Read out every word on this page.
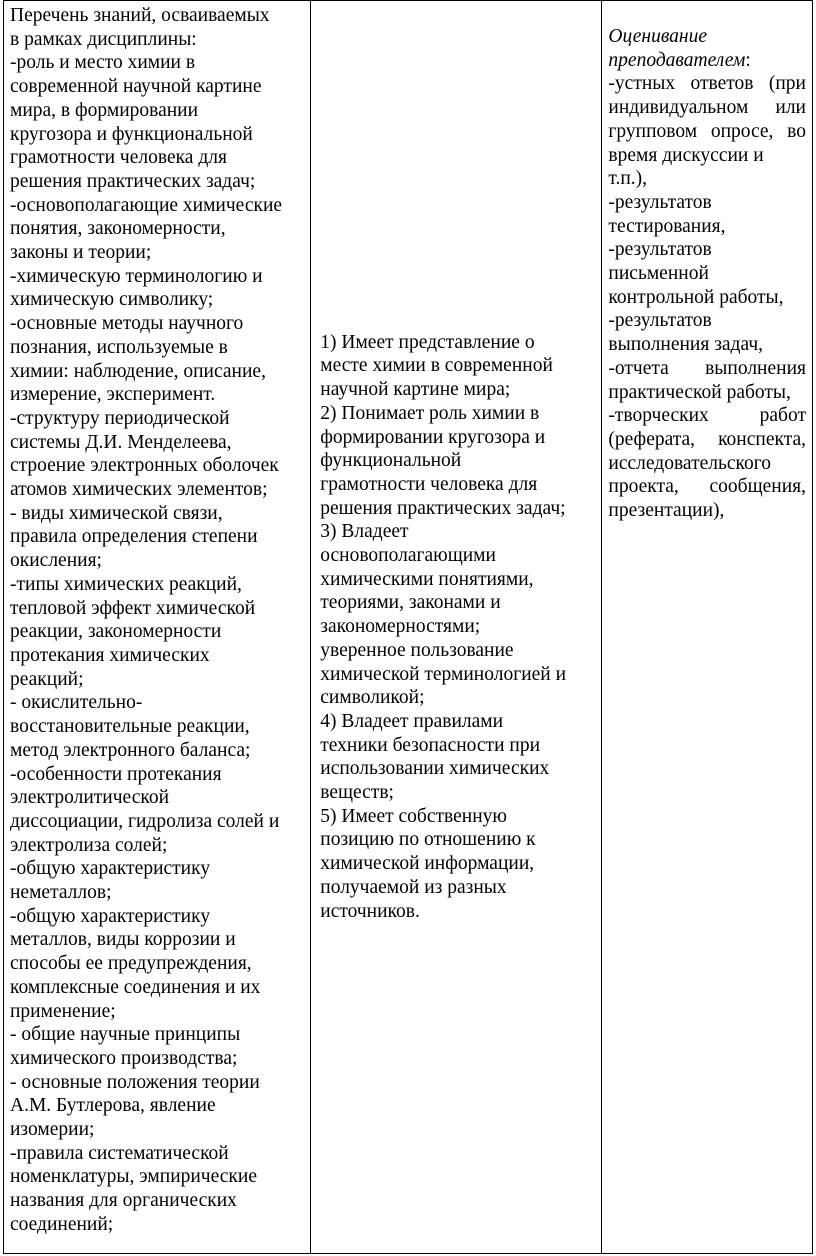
Перечень знаний, осваиваемых
в рамках дисциплины:
-роль и место химии в
современной научной картине
мира, в формировании
кругозора и функциональной
грамотности человека для
решения практических задач;
-основополагающие химические
понятия, закономерности,
законы и теории;
-химическую терминологию и
химическую символику;
-основные методы научного
познания, используемые в
химии: наблюдение, описание,
измерение, эксперимент.
-структуру периодической
системы Д.И. Менделеева,
строение электронных оболочек
атомов химических элементов;
- виды химической связи,
правила определения степени
окисления;
-типы химических реакций,
тепловой эффект химической
реакции, закономерности
протекания химических
реакций;
- окислительно-
восстановительные реакции,
метод электронного баланса;
-особенности протекания
электролитической
диссоциации, гидролиза солей и
электролиза солей;
-общую характеристику
неметаллов;
-общую характеристику
металлов, виды коррозии и
способы ее предупреждения,
комплексные соединения и их
применение;
- общие научные принципы
химического производства;
- основные положения теории
А.М. Бутлерова, явление
изомерии;
-правила систематической
номенклатуры, эмпирические
названия для органических
соединений;

1) Имеет представление о
месте химии в современной
научной картине мира;
2) Понимает роль химии в
формировании кругозора и
функциональной
грамотности человека для
решения практических задач;
3) Владеет
основополагающими
химическими понятиями,
теориями, законами и
закономерностями;
уверенное пользование
химической терминологией и
символикой;
4) Владеет правилами
техники безопасности при
использовании химических
веществ;
5) Имеет собственную
позицию по отношению к
химической информации,
получаемой из разных
источников.

Оценивание
преподавателем:
-устных ответов (при
индивидуальном или
групповом опросе, во
время дискуссии и
т.п.),
-результатов
тестирования,
-результатов
письменной
контрольной работы,
-результатов
выполнения задач,
-отчета выполнения
практической работы,
-творческих работ
(реферата, конспекта,
исследовательского
проекта, сообщения,
презентации),
